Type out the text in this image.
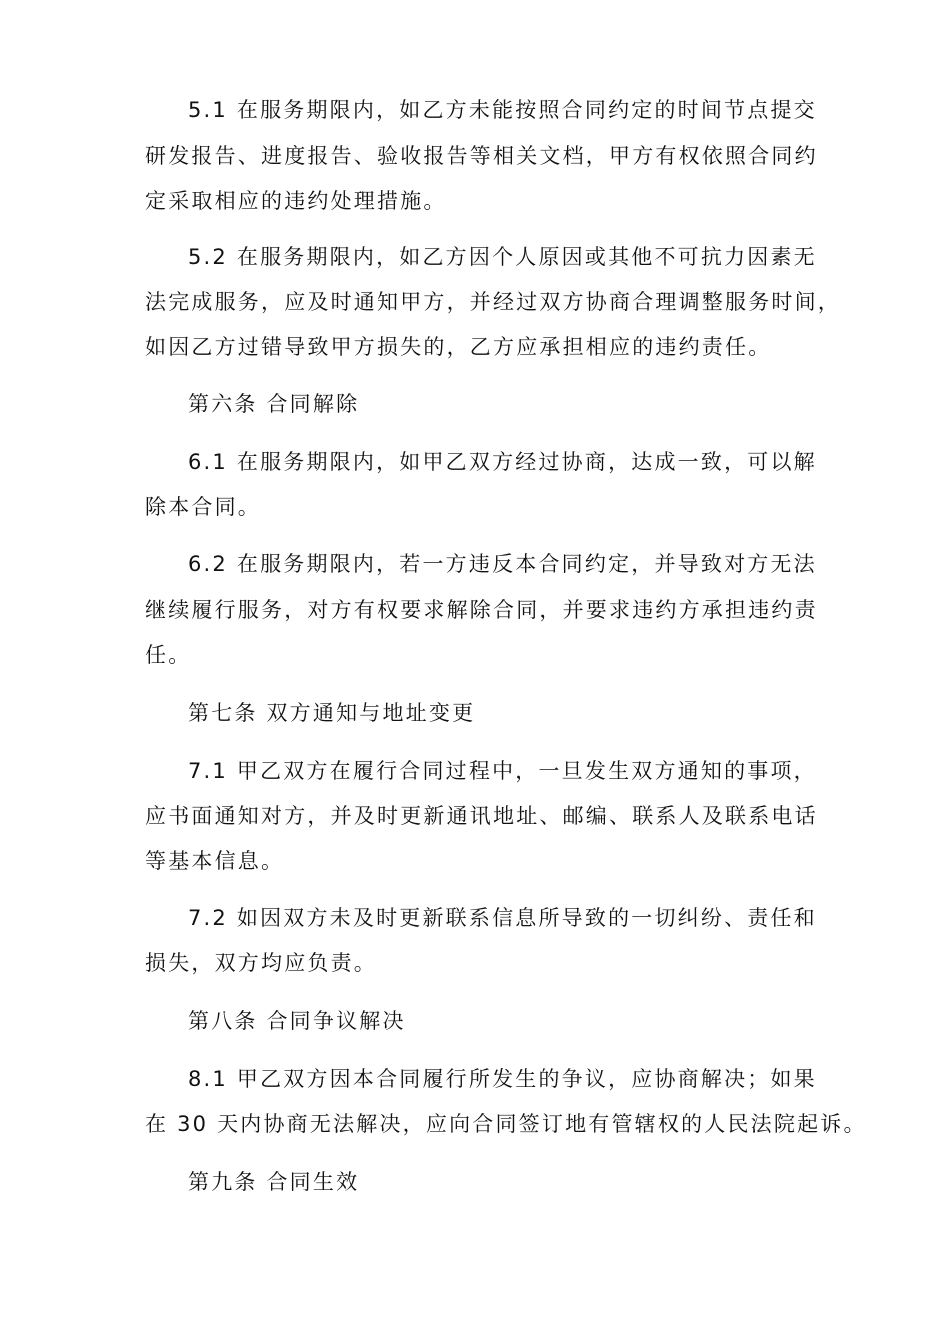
5.1 在服务期限内，如乙方未能按照合同约定的时间节点提交
研发报告、进度报告、验收报告等相关文档，甲方有权依照合同约
定采取相应的违约处理措施。
5.2 在服务期限内，如乙方因个人原因或其他不可抗力因素无
法完成服务，应及时通知甲方，并经过双方协商合理调整服务时间，
如因乙方过错导致甲方损失的，乙方应承担相应的违约责任。
第六条 合同解除
6.1 在服务期限内，如甲乙双方经过协商，达成一致，可以解
除本合同。
6.2 在服务期限内，若一方违反本合同约定，并导致对方无法
继续履行服务，对方有权要求解除合同，并要求违约方承担违约责
任。
第七条 双方通知与地址变更
7.1 甲乙双方在履行合同过程中，一旦发生双方通知的事项，
应书面通知对方，并及时更新通讯地址、邮编、联系人及联系电话
等基本信息。
7.2 如因双方未及时更新联系信息所导致的一切纠纷、责任和
损失，双方均应负责。
第八条 合同争议解决
8.1 甲乙双方因本合同履行所发生的争议，应协商解决；如果
在 30 天内协商无法解决，应向合同签订地有管辖权的人民法院起诉。
第九条 合同生效
